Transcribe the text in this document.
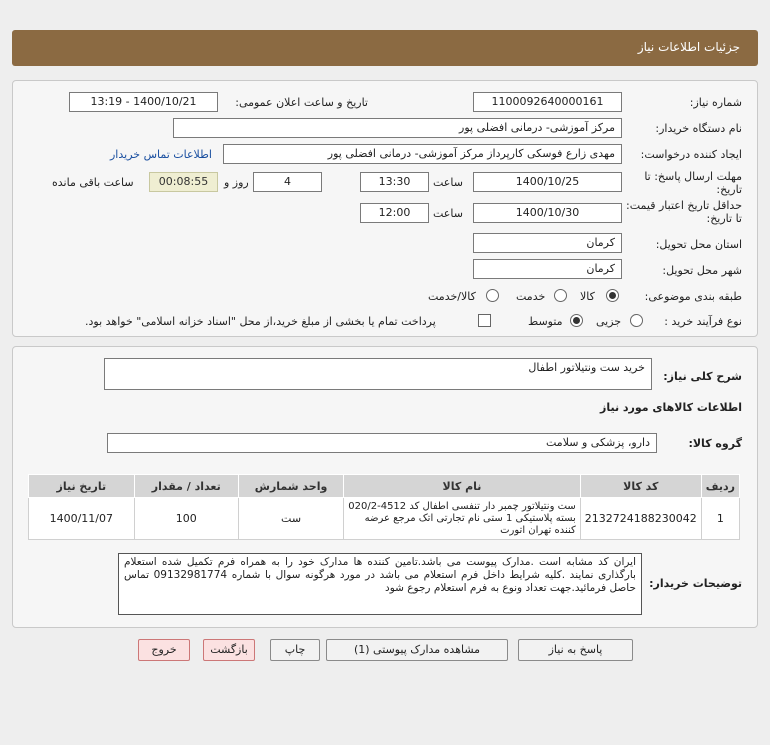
جزئیات اطلاعات نیاز
شماره نیاز:
1100092640000161
تاریخ و ساعت اعلان عمومی:
1400/10/21 - 13:19
نام دستگاه خریدار:
مرکز آموزشی- درمانی افضلی پور
ایجاد کننده درخواست:
مهدی زارع فوسکی کارپرداز مرکز آموزشی- درمانی افضلی پور
اطلاعات تماس خریدار
مهلت ارسال پاسخ: تا تاریخ:
1400/10/25
ساعت
13:30
4
روز و
00:08:55
ساعت باقی مانده
حداقل تاریخ اعتبار قیمت: تا تاریخ:
1400/10/30
ساعت
12:00
استان محل تحویل:
کرمان
شهر محل تحویل:
کرمان
طبقه بندی موضوعی:
کالا
خدمت
کالا/خدمت
نوع فرآیند خرید :
جزیی
متوسط
پرداخت تمام یا بخشی از مبلغ خرید،از محل "اسناد خزانه اسلامی" خواهد بود.
شرح کلی نیاز:
خرید ست ونتیلاتور اطفال
اطلاعات کالاهای مورد نیاز
گروه کالا:
دارو، پزشکی و سلامت
ردیف	کد کالا	نام کالا	واحد شمارش	تعداد / مقدار	تاریخ نیاز
1	2132724188230042	ست ونتیلاتور چمبر دار تنفسی اطفال کد 4512-020/2 بسته پلاستیکی 1 ستی نام تجارتی اتک مرجع عرضه کننده تهران اتورت	ست	100	1400/11/07
توضیحات خریدار:
ایران کد مشابه است .مدارک پیوست می باشد.تامین کننده ها مدارک خود را به همراه فرم تکمیل شده استعلام بارگذاری نمایند .کلیه شرایط داخل فرم استعلام می باشد در مورد هرگونه سوال با شماره 09132981774 تماس حاصل فرمائید.جهت تعداد ونوع به فرم استعلام رجوع شود
پاسخ به نیاز
مشاهده مدارک پیوستی (1)
چاپ
بازگشت
خروج
